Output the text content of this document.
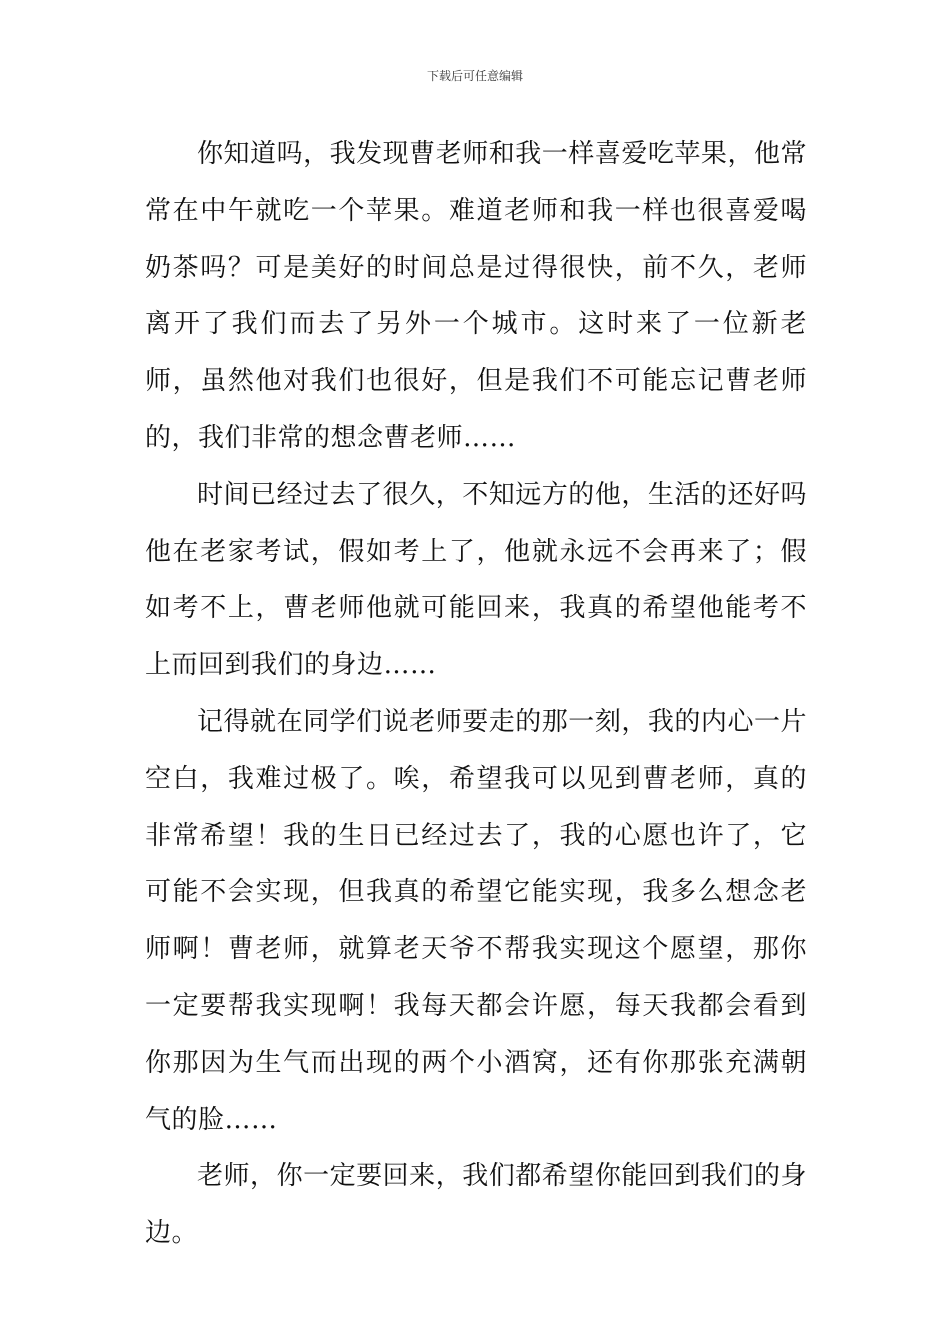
下载后可任意编辑

你知道吗，我发现曹老师和我一样喜爱吃苹果，他常常在中午就吃一个苹果。难道老师和我一样也很喜爱喝奶茶吗？可是美好的时间总是过得很快，前不久，老师离开了我们而去了另外一个城市。这时来了一位新老师，虽然他对我们也很好，但是我们不可能忘记曹老师的，我们非常的想念曹老师……

时间已经过去了很久，不知远方的他，生活的还好吗他在老家考试，假如考上了，他就永远不会再来了；假如考不上，曹老师他就可能回来，我真的希望他能考不上而回到我们的身边……

记得就在同学们说老师要走的那一刻，我的内心一片空白，我难过极了。唉，希望我可以见到曹老师，真的非常希望！我的生日已经过去了，我的心愿也许了，它可能不会实现，但我真的希望它能实现，我多么想念老师啊！曹老师，就算老天爷不帮我实现这个愿望，那你一定要帮我实现啊！我每天都会许愿，每天我都会看到你那因为生气而出现的两个小酒窝，还有你那张充满朝气的脸……

老师，你一定要回来，我们都希望你能回到我们的身边。
